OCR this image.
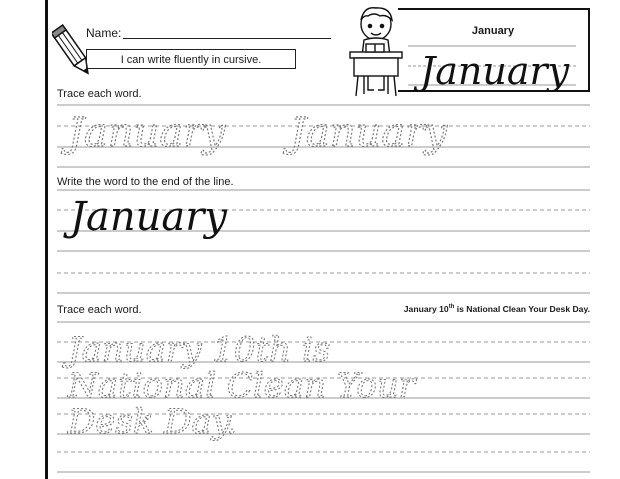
Name:
I can write fluently in cursive.
January
January
Trace each word.
January January
January
January 10th is
National Clean Your
Desk Day.
Write the word to the end of the line.
Trace each word.	January 10th is National Clean Your Desk Day.
